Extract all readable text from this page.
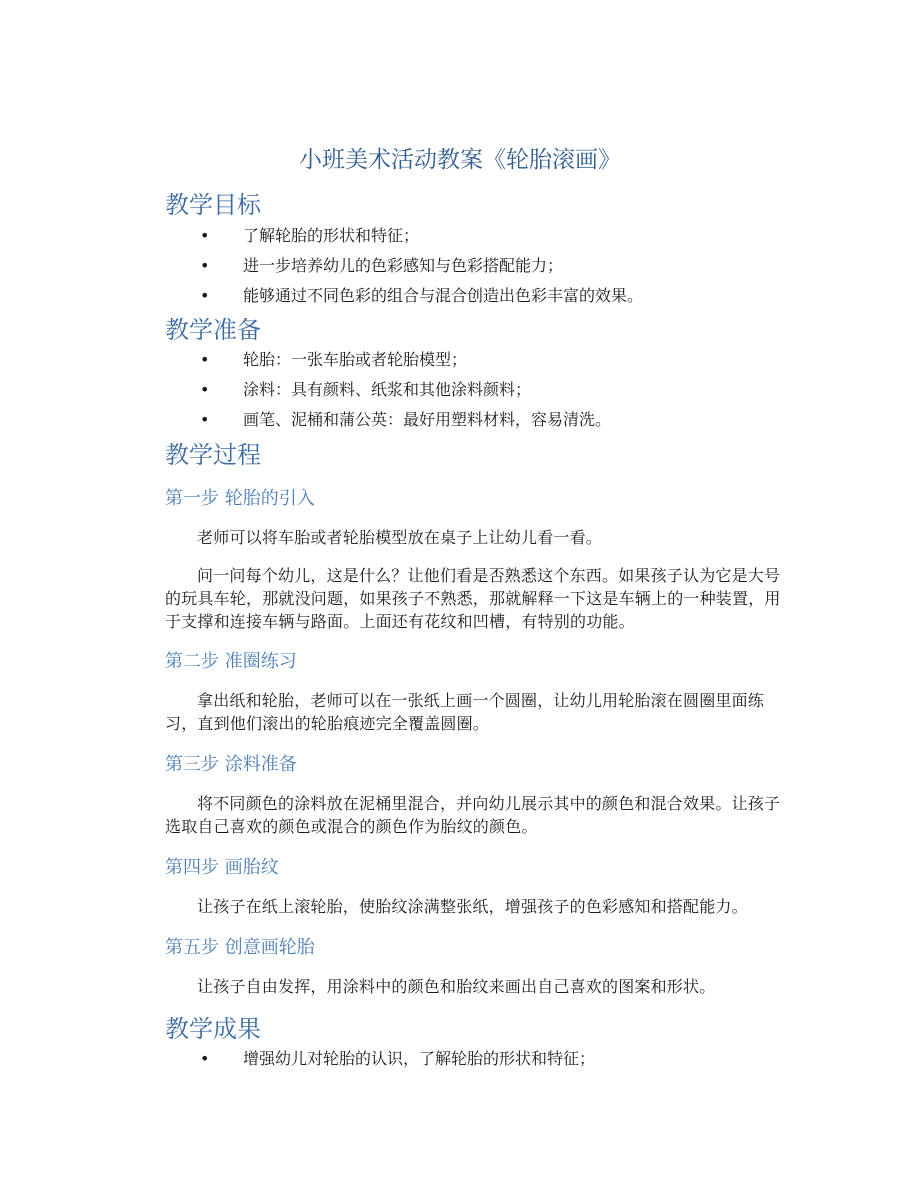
小班美术活动教案《轮胎滚画》
教学目标
• 了解轮胎的形状和特征；
• 进一步培养幼儿的色彩感知与色彩搭配能力；
• 能够通过不同色彩的组合与混合创造出色彩丰富的效果。
教学准备
• 轮胎：一张车胎或者轮胎模型；
• 涂料：具有颜料、纸浆和其他涂料颜料；
• 画笔、泥桶和蒲公英：最好用塑料材料，容易清洗。
教学过程
第一步 轮胎的引入

老师可以将车胎或者轮胎模型放在桌子上让幼儿看一看。

问一问每个幼儿，这是什么？让他们看是否熟悉这个东西。如果孩子认为它是大号的玩具车轮，那就没问题，如果孩子不熟悉，那就解释一下这是车辆上的一种装置，用于支撑和连接车辆与路面。上面还有花纹和凹槽，有特别的功能。

第二步 准圈练习

拿出纸和轮胎，老师可以在一张纸上画一个圆圈，让幼儿用轮胎滚在圆圈里面练习，直到他们滚出的轮胎痕迹完全覆盖圆圈。

第三步 涂料准备

将不同颜色的涂料放在泥桶里混合，并向幼儿展示其中的颜色和混合效果。让孩子选取自己喜欢的颜色或混合的颜色作为胎纹的颜色。

第四步 画胎纹

让孩子在纸上滚轮胎，使胎纹涂满整张纸，增强孩子的色彩感知和搭配能力。

第五步 创意画轮胎

让孩子自由发挥，用涂料中的颜色和胎纹来画出自己喜欢的图案和形状。

教学成果
• 增强幼儿对轮胎的认识，了解轮胎的形状和特征；
